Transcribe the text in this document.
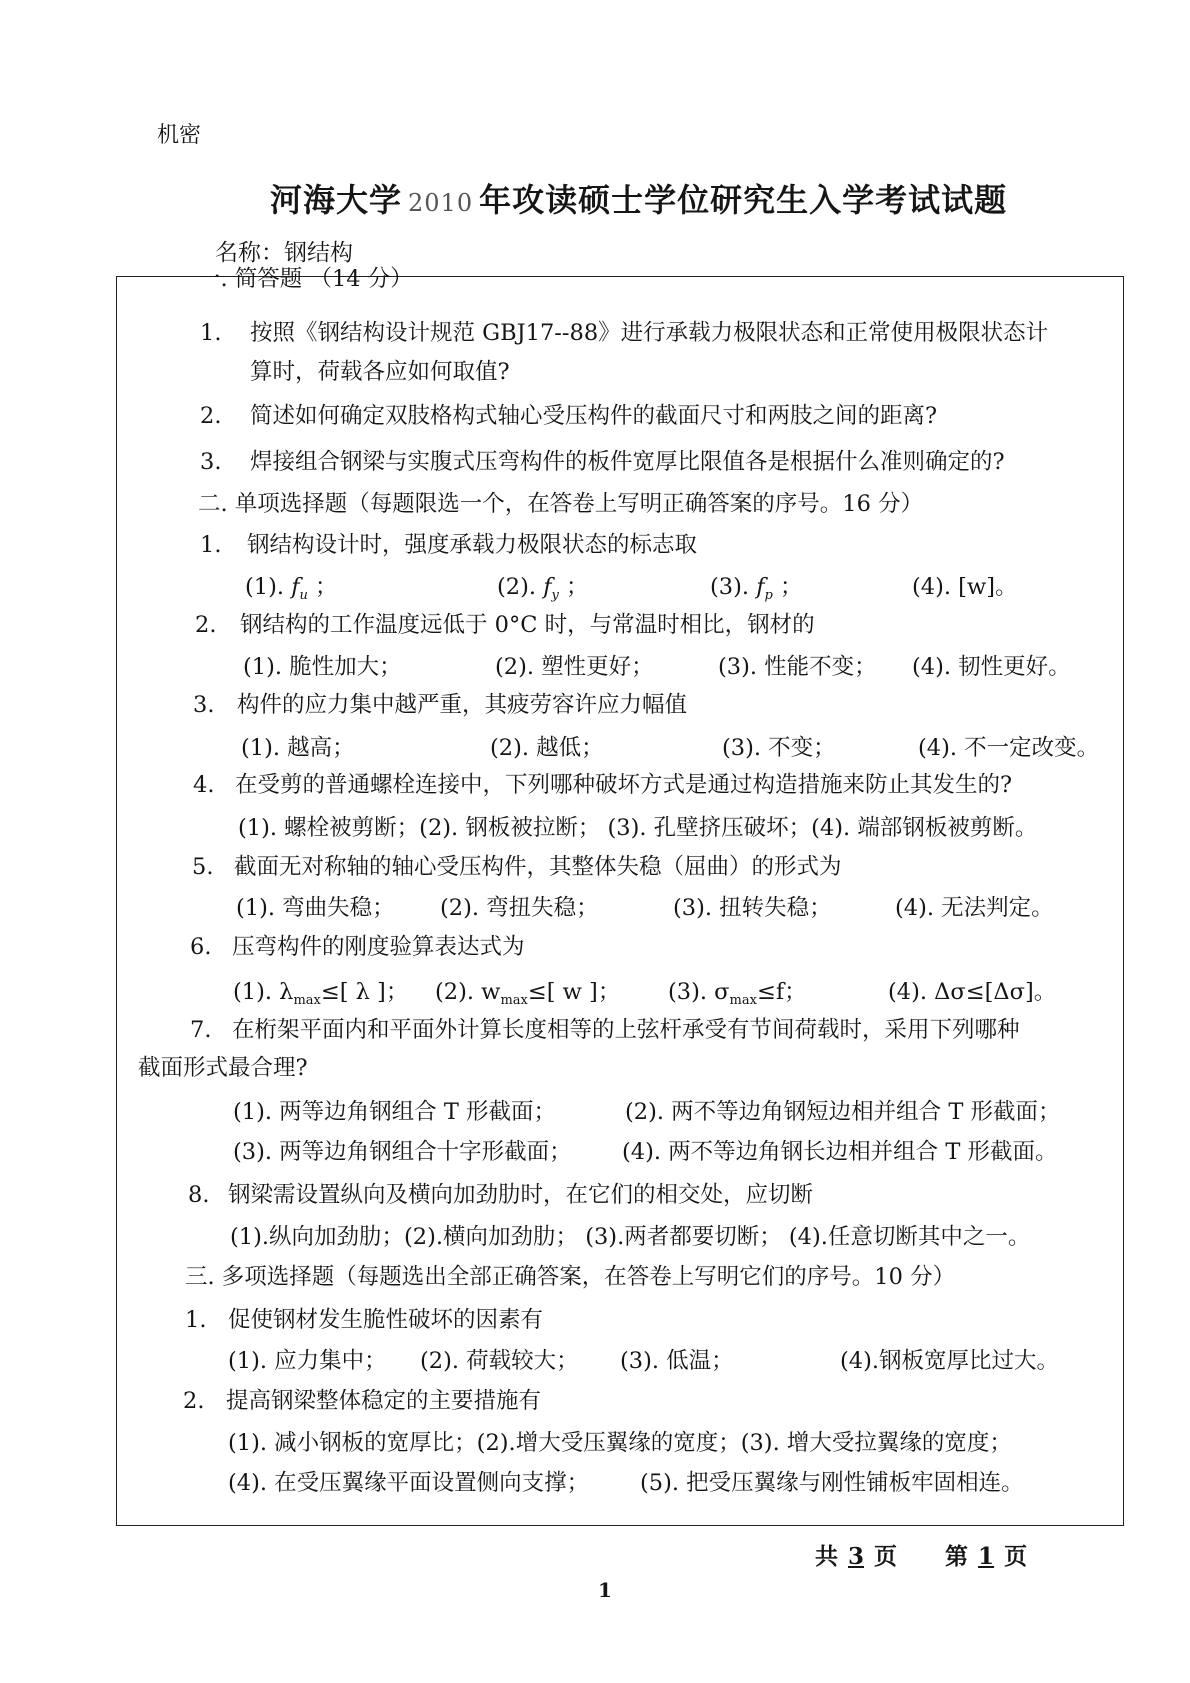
机密
河海大学 2010 年攻读硕士学位研究生入学考试试题
名称：钢结构
一. 简答题 （14 分）
1. 按照《钢结构设计规范 GBJ17--88》进行承载力极限状态和正常使用极限状态计
算时，荷载各应如何取值?
2. 简述如何确定双肢格构式轴心受压构件的截面尺寸和两肢之间的距离?
3. 焊接组合钢梁与实腹式压弯构件的板件宽厚比限值各是根据什么准则确定的?
二. 单项选择题（每题限选一个，在答卷上写明正确答案的序号。16 分）
1. 钢结构设计时，强度承载力极限状态的标志取
(1). $f_u$ ；	(2). $f_y$ ；	(3). $f_p$ ；	(4). [w]。
2. 钢结构的工作温度远低于 0°C 时，与常温时相比，钢材的
(1). 脆性加大；	(2). 塑性更好；	(3). 性能不变； (4). 韧性更好。
3. 构件的应力集中越严重，其疲劳容许应力幅值
(1). 越高；	(2). 越低；	(3). 不变；	(4). 不一定改变。
4. 在受剪的普通螺栓连接中，下列哪种破坏方式是通过构造措施来防止其发生的?
(1). 螺栓被剪断；(2). 钢板被拉断； (3). 孔壁挤压破坏；(4). 端部钢板被剪断。
5. 截面无对称轴的轴心受压构件，其整体失稳（屈曲）的形式为
(1). 弯曲失稳； (2). 弯扭失稳；	(3). 扭转失稳；	(4). 无法判定。
6. 压弯构件的刚度验算表达式为
(1). $\lambda_{max}\le$[ λ ]； (2). $w_{max}\le$[ w ]； (3). $\sigma_{max}\le f$；	(4). Δσ≤[Δσ]。
7. 在桁架平面内和平面外计算长度相等的上弦杆承受有节间荷载时，采用下列哪种
截面形式最合理?
(1). 两等边角钢组合 T 形截面；	(2). 两不等边角钢短边相并组合 T 形截面；
(3). 两等边角钢组合十字形截面； (4). 两不等边角钢长边相并组合 T 形截面。
8. 钢梁需设置纵向及横向加劲肋时，在它们的相交处，应切断
(1).纵向加劲肋；(2).横向加劲肋； (3).两者都要切断； (4).任意切断其中之一。
三. 多项选择题（每题选出全部正确答案，在答卷上写明它们的序号。10 分）
1. 促使钢材发生脆性破坏的因素有
(1). 应力集中； (2). 荷载较大； (3). 低温；	(4).钢板宽厚比过大。
2. 提高钢梁整体稳定的主要措施有
(1). 减小钢板的宽厚比；(2).增大受压翼缘的宽度；(3). 增大受拉翼缘的宽度；
(4). 在受压翼缘平面设置侧向支撑； (5). 把受压翼缘与刚性铺板牢固相连。
共 3 页 第 1 页
1
